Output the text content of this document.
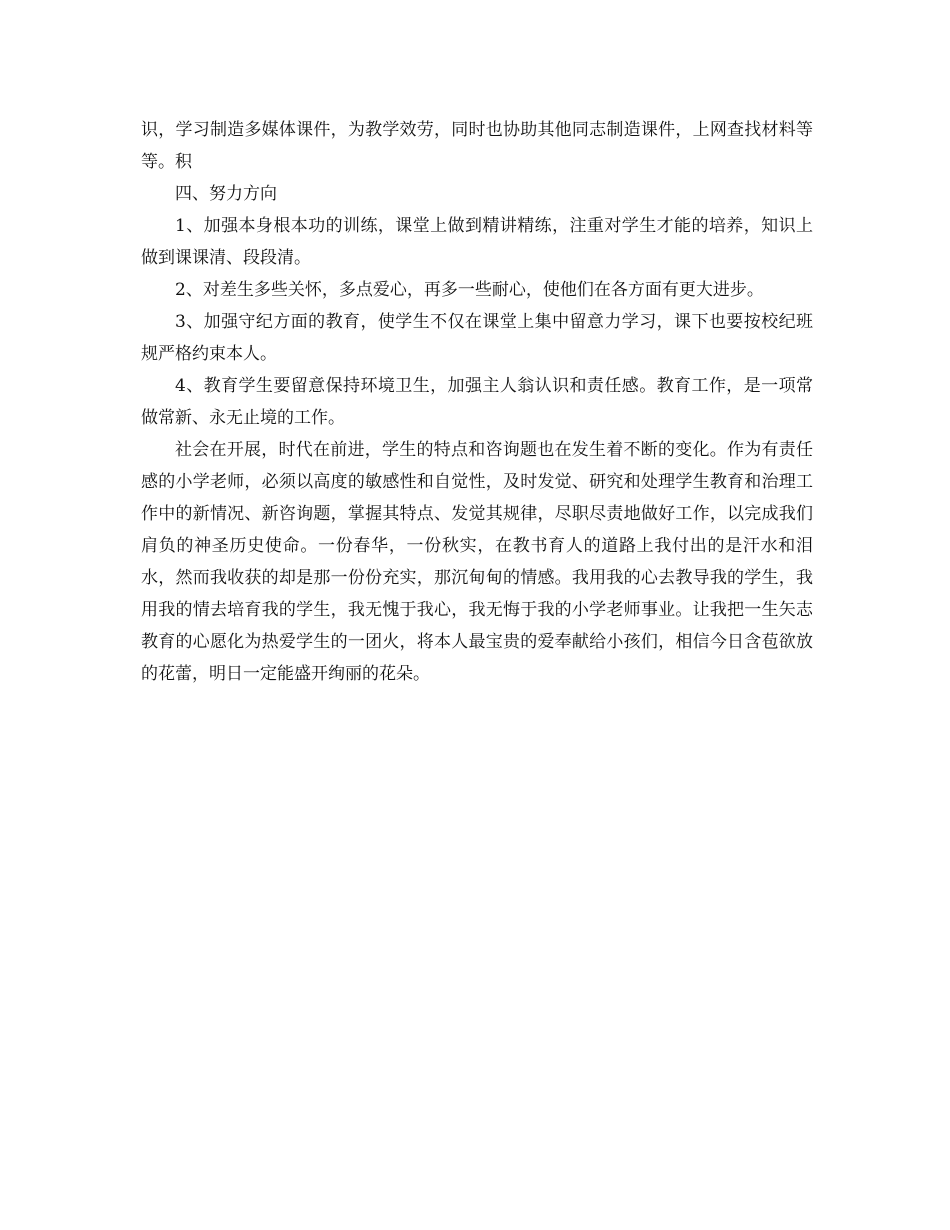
识，学习制造多媒体课件，为教学效劳，同时也协助其他同志制造课件，上网查找材料等等。积

四、努力方向

1、加强本身根本功的训练，课堂上做到精讲精练，注重对学生才能的培养，知识上做到课课清、段段清。

2、对差生多些关怀，多点爱心，再多一些耐心，使他们在各方面有更大进步。

3、加强守纪方面的教育，使学生不仅在课堂上集中留意力学习，课下也要按校纪班规严格约束本人。

4、教育学生要留意保持环境卫生，加强主人翁认识和责任感。教育工作，是一项常做常新、永无止境的工作。

社会在开展，时代在前进，学生的特点和咨询题也在发生着不断的变化。作为有责任感的小学老师，必须以高度的敏感性和自觉性，及时发觉、研究和处理学生教育和治理工作中的新情况、新咨询题，掌握其特点、发觉其规律，尽职尽责地做好工作，以完成我们肩负的神圣历史使命。一份春华，一份秋实，在教书育人的道路上我付出的是汗水和泪水，然而我收获的却是那一份份充实，那沉甸甸的情感。我用我的心去教导我的学生，我用我的情去培育我的学生，我无愧于我心，我无悔于我的小学老师事业。让我把一生矢志教育的心愿化为热爱学生的一团火，将本人最宝贵的爱奉献给小孩们，相信今日含苞欲放的花蕾，明日一定能盛开绚丽的花朵。
